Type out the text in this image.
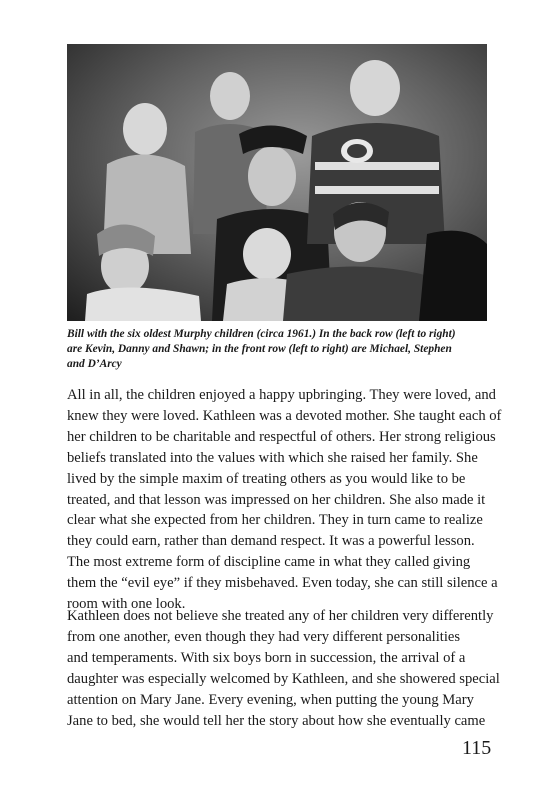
Bill with the six oldest Murphy children (circa 1961.) In the back row (left to right)
are Kevin, Danny and Shawn; in the front row (left to right) are Michael, Stephen
and D’Arcy

All in all, the children enjoyed a happy upbringing. They were loved, and
knew they were loved. Kathleen was a devoted mother. She taught each of
her children to be charitable and respectful of others. Her strong religious
beliefs translated into the values with which she raised her family. She
lived by the simple maxim of treating others as you would like to be
treated, and that lesson was impressed on her children. She also made it
clear what she expected from her children. They in turn came to realize
they could earn, rather than demand respect. It was a powerful lesson.
The most extreme form of discipline came in what they called giving
them the “evil eye” if they misbehaved. Even today, she can still silence a
room with one look.

Kathleen does not believe she treated any of her children very differently
from one another, even though they had very different personalities
and temperaments. With six boys born in succession, the arrival of a
daughter was especially welcomed by Kathleen, and she showered special
attention on Mary Jane. Every evening, when putting the young Mary
Jane to bed, she would tell her the story about how she eventually came

115
